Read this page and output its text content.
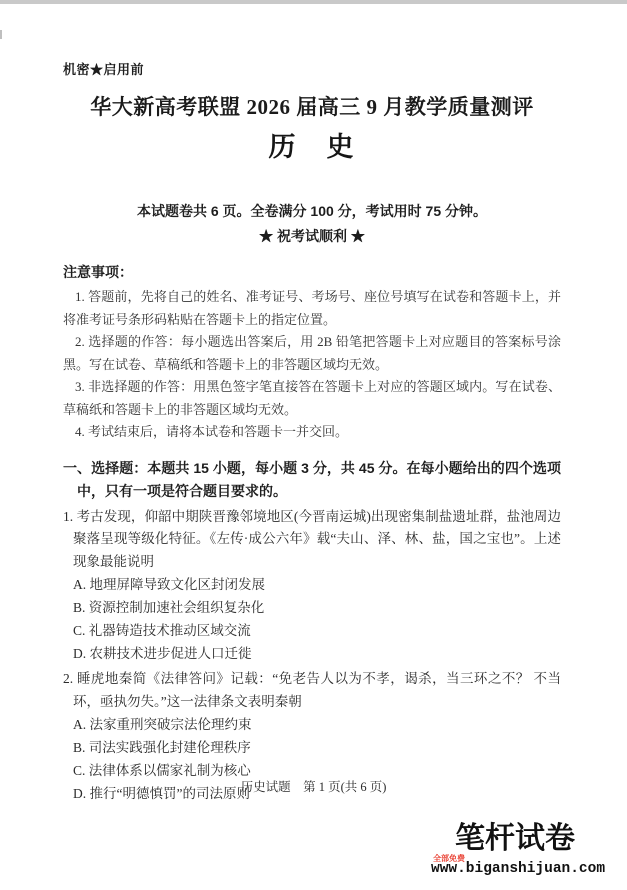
机密★启用前
华大新高考联盟 2026 届高三 9 月教学质量测评
历　史
本试题卷共 6 页。全卷满分 100 分，考试用时 75 分钟。
★ 祝考试顺利 ★
注意事项：
1. 答题前，先将自己的姓名、准考证号、考场号、座位号填写在试卷和答题卡上，并将准考证号条形码粘贴在答题卡上的指定位置。
2. 选择题的作答：每小题选出答案后，用 2B 铅笔把答题卡上对应题目的答案标号涂黑。写在试卷、草稿纸和答题卡上的非答题区域均无效。
3. 非选择题的作答：用黑色签字笔直接答在答题卡上对应的答题区域内。写在试卷、草稿纸和答题卡上的非答题区域均无效。
4. 考试结束后，请将本试卷和答题卡一并交回。
一、选择题：本题共 15 小题，每小题 3 分，共 45 分。在每小题给出的四个选项中，只有一项是符合题目要求的。
1. 考古发现，仰韶中期陕晋豫邻境地区(今晋南运城)出现密集制盐遗址群，盐池周边聚落呈现等级化特征。《左传·成公六年》载“夫山、泽、林、盐，国之宝也”。上述现象最能说明
A. 地理屏障导致文化区封闭发展
B. 资源控制加速社会组织复杂化
C. 礼器铸造技术推动区域交流
D. 农耕技术进步促进人口迁徙
2. 睡虎地秦简《法律答问》记载：“免老告人以为不孝，谒杀，当三环之不？ 不当环，亟执勿失。”这一法律条文表明秦朝
A. 法家重刑突破宗法伦理约束
B. 司法实践强化封建伦理秩序
C. 法律体系以儒家礼制为核心
D. 推行“明德慎罚”的司法原则
历史试题　第 1 页(共 6 页)
笔杆试卷
全部免费
www.biganshijuan.com
